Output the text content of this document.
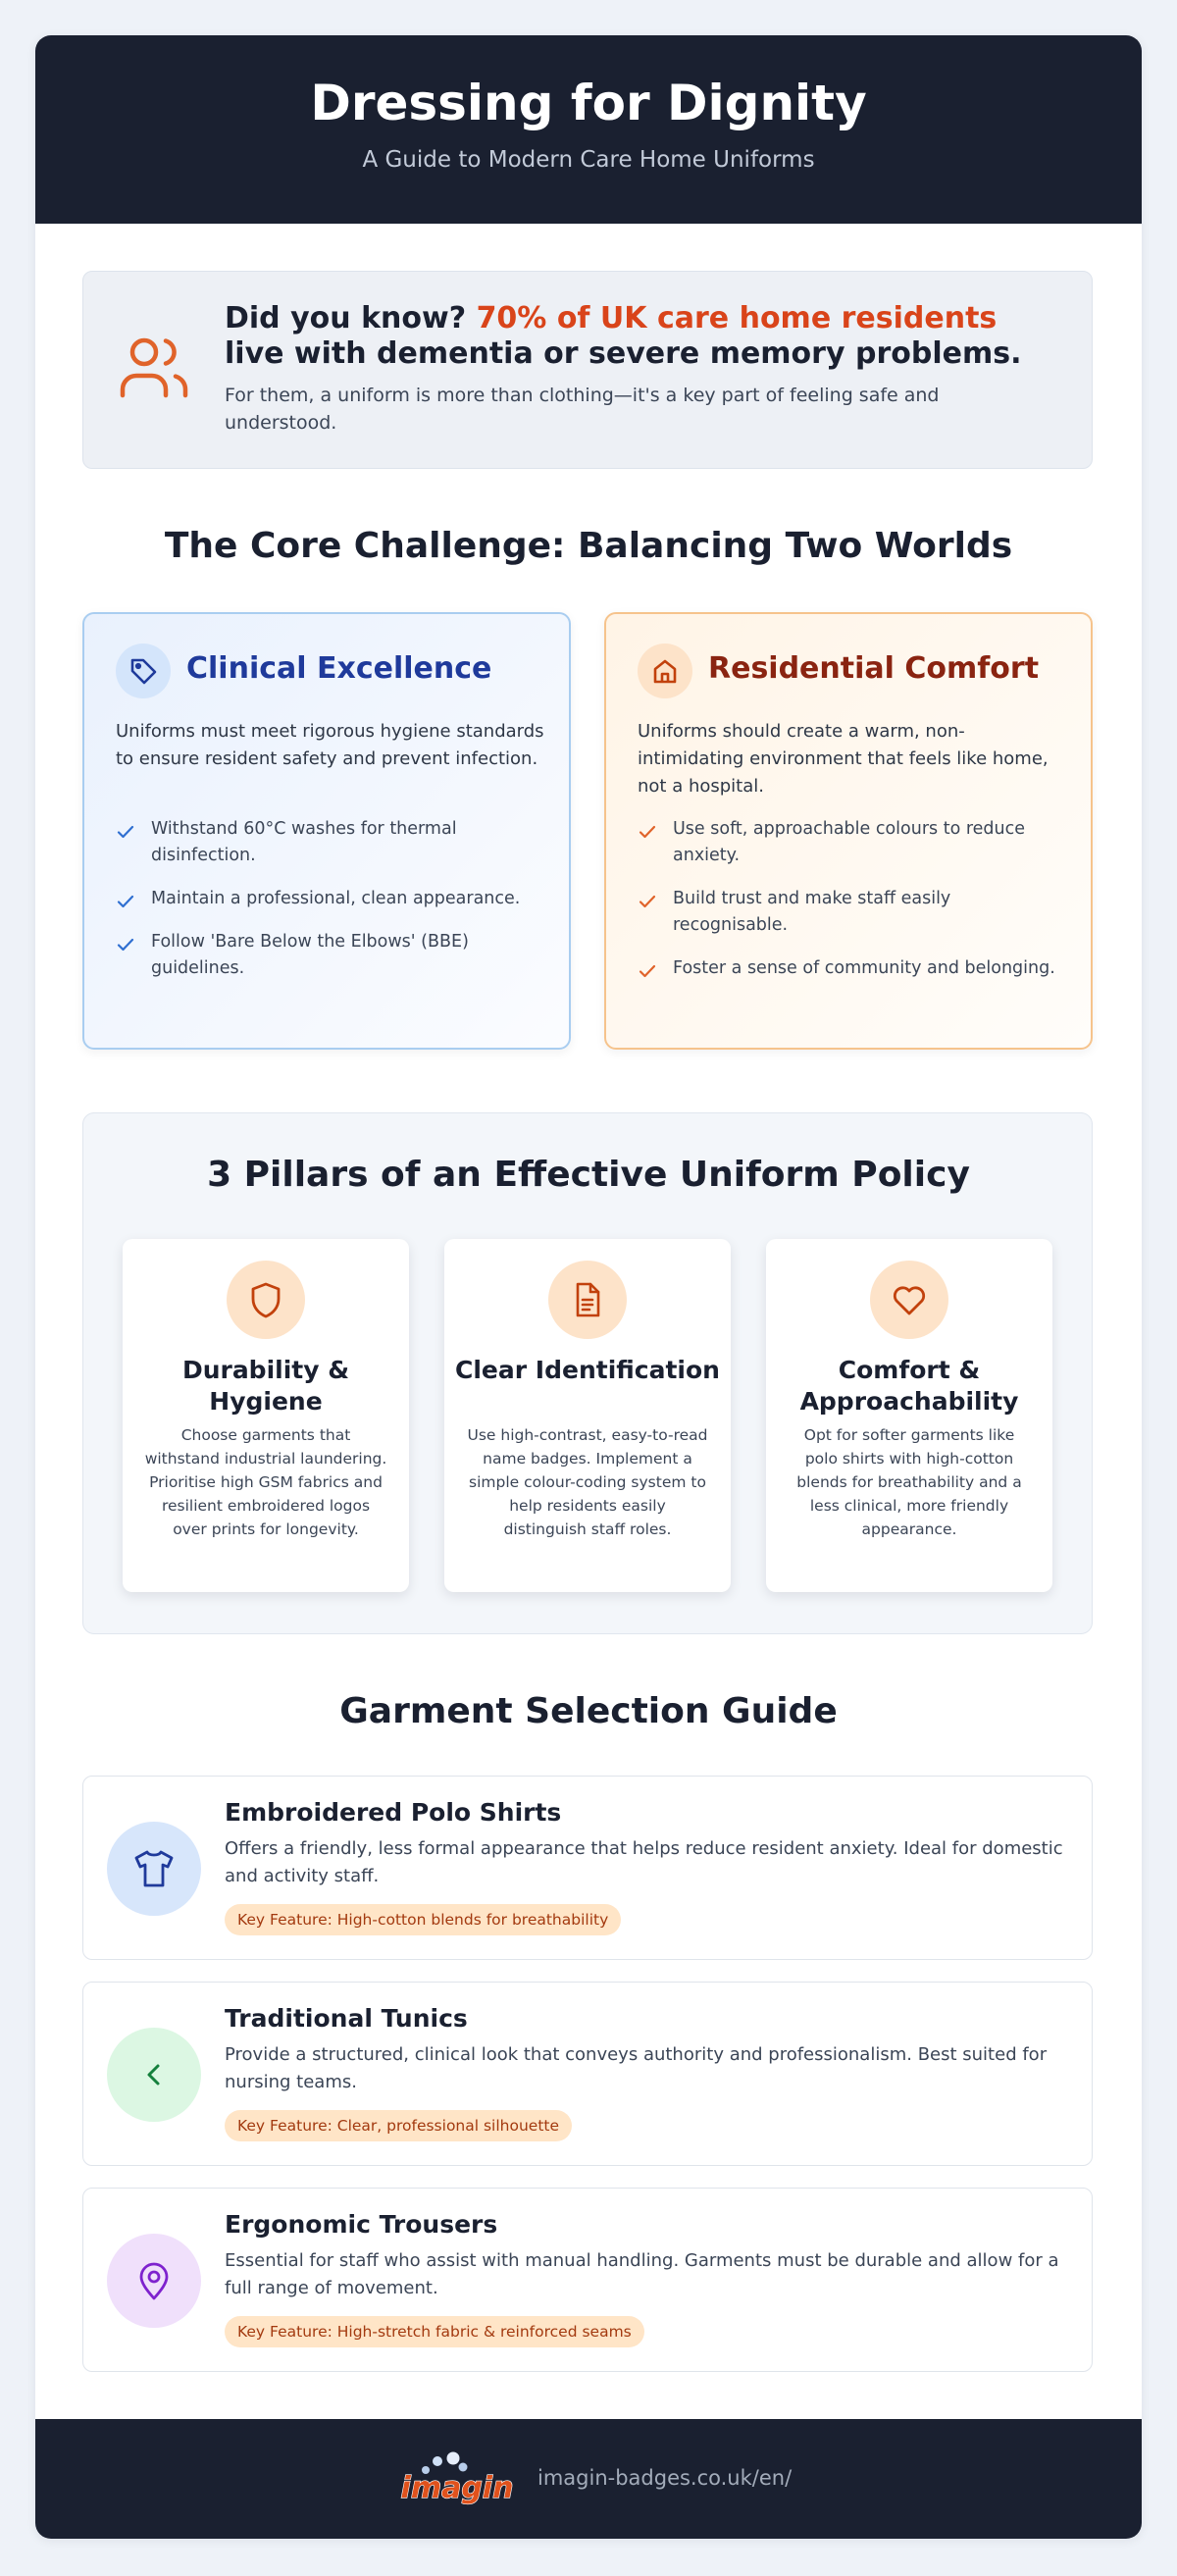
Dressing for Dignity

A Guide to Modern Care Home Uniforms

Did you know? 70% of UK care home residents
live with dementia or severe memory problems.

For them, a uniform is more than clothing—it's a key part of feeling safe and understood.

The Core Challenge: Balancing Two Worlds
Clinical Excellence

Uniforms must meet rigorous hygiene standards to ensure resident safety and prevent infection.

Withstand 60°C washes for thermal disinfection.
Maintain a professional, clean appearance.
Follow 'Bare Below the Elbows' (BBE) guidelines.
Residential Comfort

Uniforms should create a warm, non-intimidating environment that feels like home, not a hospital.

Use soft, approachable colours to reduce anxiety.
Build trust and make staff easily recognisable.
Foster a sense of community and belonging.
3 Pillars of an Effective Uniform Policy
Durability & Hygiene

Choose garments that withstand industrial laundering. Prioritise high GSM fabrics and resilient embroidered logos over prints for longevity.

Clear Identification

Use high-contrast, easy-to-read name badges. Implement a simple colour-coding system to help residents easily distinguish staff roles.

Comfort & Approachability

Opt for softer garments like polo shirts with high-cotton blends for breathability and a less clinical, more friendly appearance.

Garment Selection Guide
Embroidered Polo Shirts

Offers a friendly, less formal appearance that helps reduce resident anxiety. Ideal for domestic and activity staff.

Key Feature: High-cotton blends for breathability
Traditional Tunics

Provide a structured, clinical look that conveys authority and professionalism. Best suited for nursing teams.

Key Feature: Clear, professional silhouette
Ergonomic Trousers

Essential for staff who assist with manual handling. Garments must be durable and allow for a full range of movement.

Key Feature: High-stretch fabric & reinforced seams
imagin imagin-badges.co.uk/en/
